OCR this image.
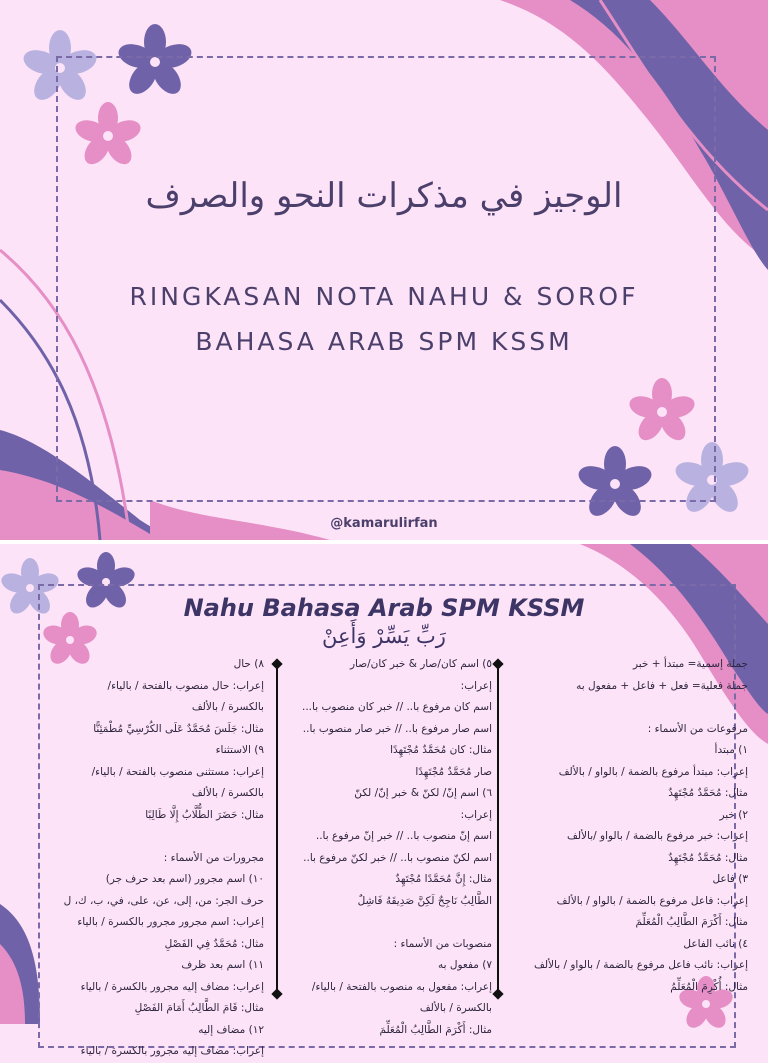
الوجيز في مذكرات النحو والصرف
RINGKASAN NOTA NAHU & SOROF
BAHASA ARAB SPM KSSM
@kamarulirfan
Nahu Bahasa Arab SPM KSSM
رَبِّ يَسِّرْ وَأَعِنْ
جملة إسمية= مبتدأ + خبر
جملة فعلية= فعل + فاعل + مفعول به
مرفوعات من الأسماء :
١) مبتدأ
إعراب: مبتدأ مرفوع بالضمة / بالواو / بالألف
مثال: مُحَمَّدٌ مُجْتَهِدٌ
٢) خبر
إعراب: خبر مرفوع بالضمة / بالواو /بالألف
مثال: مُحَمَّدٌ مُجْتَهِدٌ
٣) فاعل
إعراب: فاعل مرفوع بالضمة / بالواو / بالألف
مثال: أَكْرَمَ الطَّالِبُ الْمُعَلِّمَ
٤) نائب الفاعل
إعراب: نائب فاعل مرفوع بالضمة / بالواو / بالألف
مثال: أُكْرِمَ الْمُعَلِّمُ
٥) اسم كان/صار & خبر كان/صار
إعراب:
اسم كان مرفوع با.. // خبر كان منصوب با...
اسم صار مرفوع با.. // خبر صار منصوب با..
مثال: كان مُحَمَّدٌ مُجْتَهِدًا
صار مُحَمَّدٌ مُجْتَهِدًا
٦) اسم إنّ/ لكنّ & خبر إنّ/ لكنّ
إعراب:
اسم إنّ منصوب با.. // خبر إنّ مرفوع با..
اسم لكنّ منصوب با.. // خبر لكنّ مرفوع با..
مثال: إِنَّ مُحَمَّدًا مُجْتَهِدٌ
الطَّالِبُ نَاجِحٌ لَكِنَّ صَدِيقَهُ فَاشِلٌ
منصوبات من الأسماء :
٧) مفعول به
إعراب: مفعول به منصوب بالفتحة / بالياء/
بالكسرة / بالألف
مثال: أَكْرَمَ الطَّالِبُ الْمُعَلِّمَ
٨) حال
إعراب: حال منصوب بالفتحة / بالياء/
بالكسرة / بالألف
مثال: جَلَسَ مُحَمَّدٌ عَلَى الكُرْسِيِّ مُطْمَئِنًّا
٩) الاستثناء
إعراب: مستثنى منصوب بالفتحة / بالياء/
بالكسرة / بالألف
مثال: حَضَرَ الطُّلَّابُ إِلَّا طَالِبًا
مجرورات من الأسماء :
١٠) اسم مجرور (اسم بعد حرف جر)
حرف الجر: من، إلى، عن، على، في، ب، ك، ل
إعراب: اسم مجرور مجرور بالكسرة / بالياء
مثال: مُحَمَّدٌ فِي الفَصْلِ
١١) اسم بعد ظرف
إعراب: مضاف إليه مجرور بالكسرة / بالياء
مثال: قَامَ الطَّالِبُ أَمَامَ الفَصْلِ
١٢) مضاف إليه
إعراب: مضاف إليه مجرور بالكسرة / بالياء
